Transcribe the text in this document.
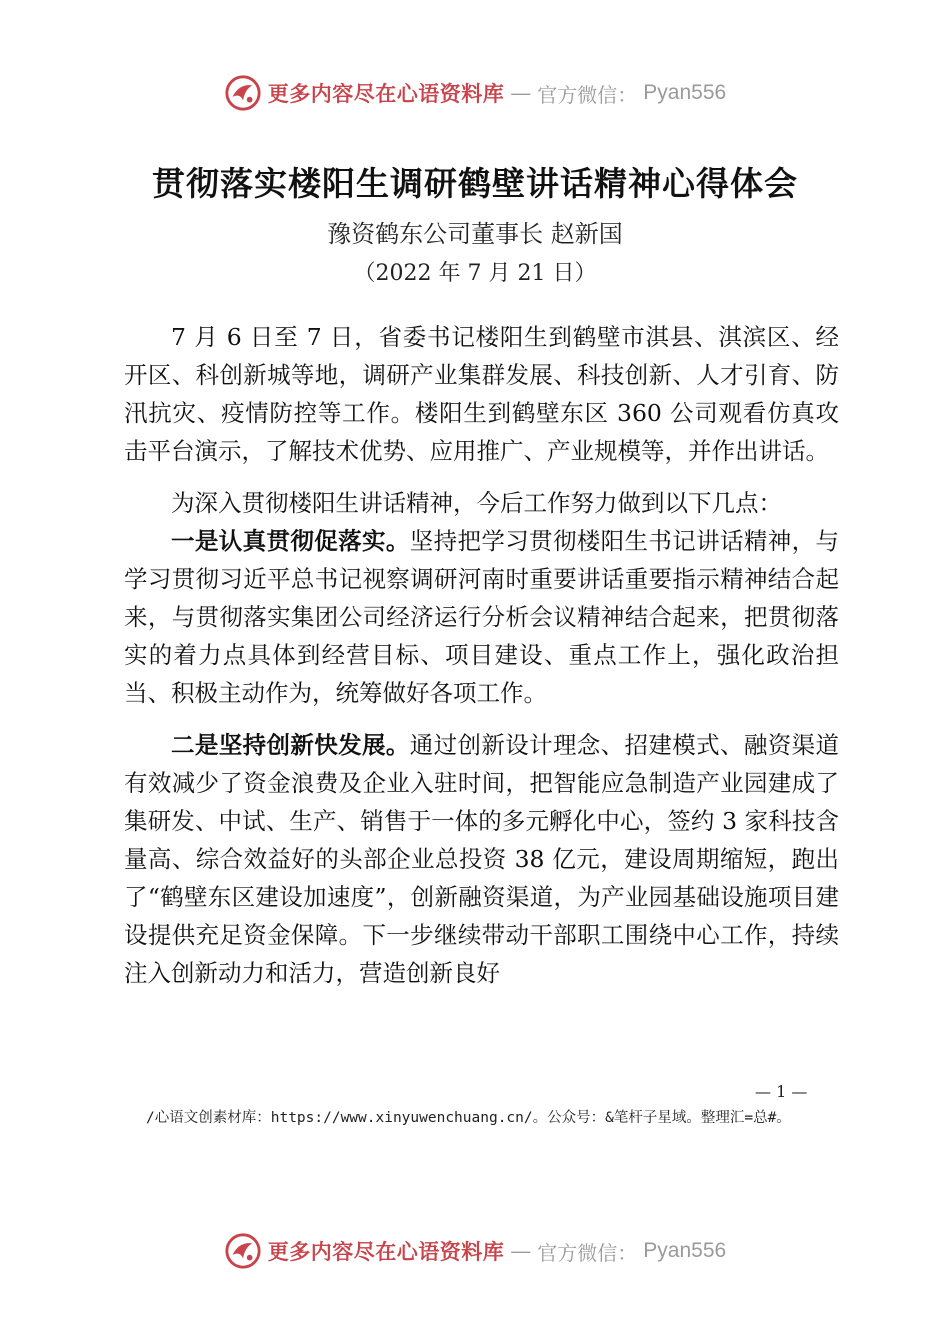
更多内容尽在心语资料库 — 官方微信： Pyan556
贯彻落实楼阳生调研鹤壁讲话精神心得体会
豫资鹤东公司董事长 赵新国
（2022 年 7 月 21 日）

7 月 6 日至 7 日，省委书记楼阳生到鹤壁市淇县、淇滨区、经开区、科创新城等地，调研产业集群发展、科技创新、人才引育、防汛抗灾、疫情防控等工作。楼阳生到鹤壁东区 360 公司观看仿真攻击平台演示，了解技术优势、应用推广、产业规模等，并作出讲话。

为深入贯彻楼阳生讲话精神，今后工作努力做到以下几点：

一是认真贯彻促落实。坚持把学习贯彻楼阳生书记讲话精神，与学习贯彻习近平总书记视察调研河南时重要讲话重要指示精神结合起来，与贯彻落实集团公司经济运行分析会议精神结合起来，把贯彻落实的着力点具体到经营目标、项目建设、重点工作上，强化政治担当、积极主动作为，统筹做好各项工作。

二是坚持创新快发展。通过创新设计理念、招建模式、融资渠道有效减少了资金浪费及企业入驻时间，把智能应急制造产业园建成了集研发、中试、生产、销售于一体的多元孵化中心，签约 3 家科技含量高、综合效益好的头部企业总投资 38 亿元，建设周期缩短，跑出了“鹤壁东区建设加速度”，创新融资渠道，为产业园基础设施项目建设提供充足资金保障。下一步继续带动干部职工围绕中心工作，持续注入创新动力和活力，营造创新良好

— 1 —
/心语文创素材库：https://www.xinyuwenchuang.cn/。公众号：&笔杆子星域。整理汇=总#。
更多内容尽在心语资料库 — 官方微信： Pyan556
